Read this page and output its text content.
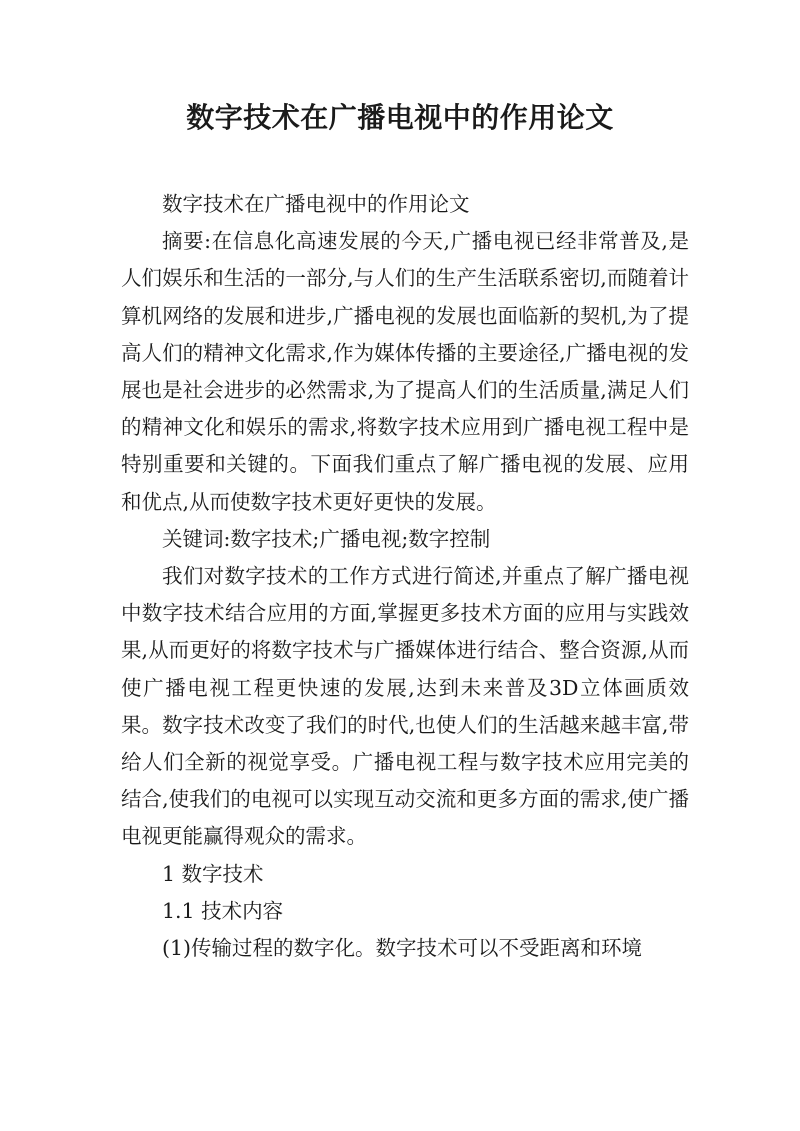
数字技术在广播电视中的作用论文

数字技术在广播电视中的作用论文

摘要:在信息化高速发展的今天,广播电视已经非常普及,是人们娱乐和生活的一部分,与人们的生产生活联系密切,而随着计算机网络的发展和进步,广播电视的发展也面临新的契机,为了提高人们的精神文化需求,作为媒体传播的主要途径,广播电视的发展也是社会进步的必然需求,为了提高人们的生活质量,满足人们的精神文化和娱乐的需求,将数字技术应用到广播电视工程中是特别重要和关键的。下面我们重点了解广播电视的发展、应用和优点,从而使数字技术更好更快的发展。

关键词:数字技术;广播电视;数字控制

我们对数字技术的工作方式进行简述,并重点了解广播电视中数字技术结合应用的方面,掌握更多技术方面的应用与实践效果,从而更好的将数字技术与广播媒体进行结合、整合资源,从而使广播电视工程更快速的发展,达到未来普及3D立体画质效果。数字技术改变了我们的时代,也使人们的生活越来越丰富,带给人们全新的视觉享受。广播电视工程与数字技术应用完美的结合,使我们的电视可以实现互动交流和更多方面的需求,使广播电视更能赢得观众的需求。

1 数字技术

1.1 技术内容

(1)传输过程的数字化。数字技术可以不受距离和环境
